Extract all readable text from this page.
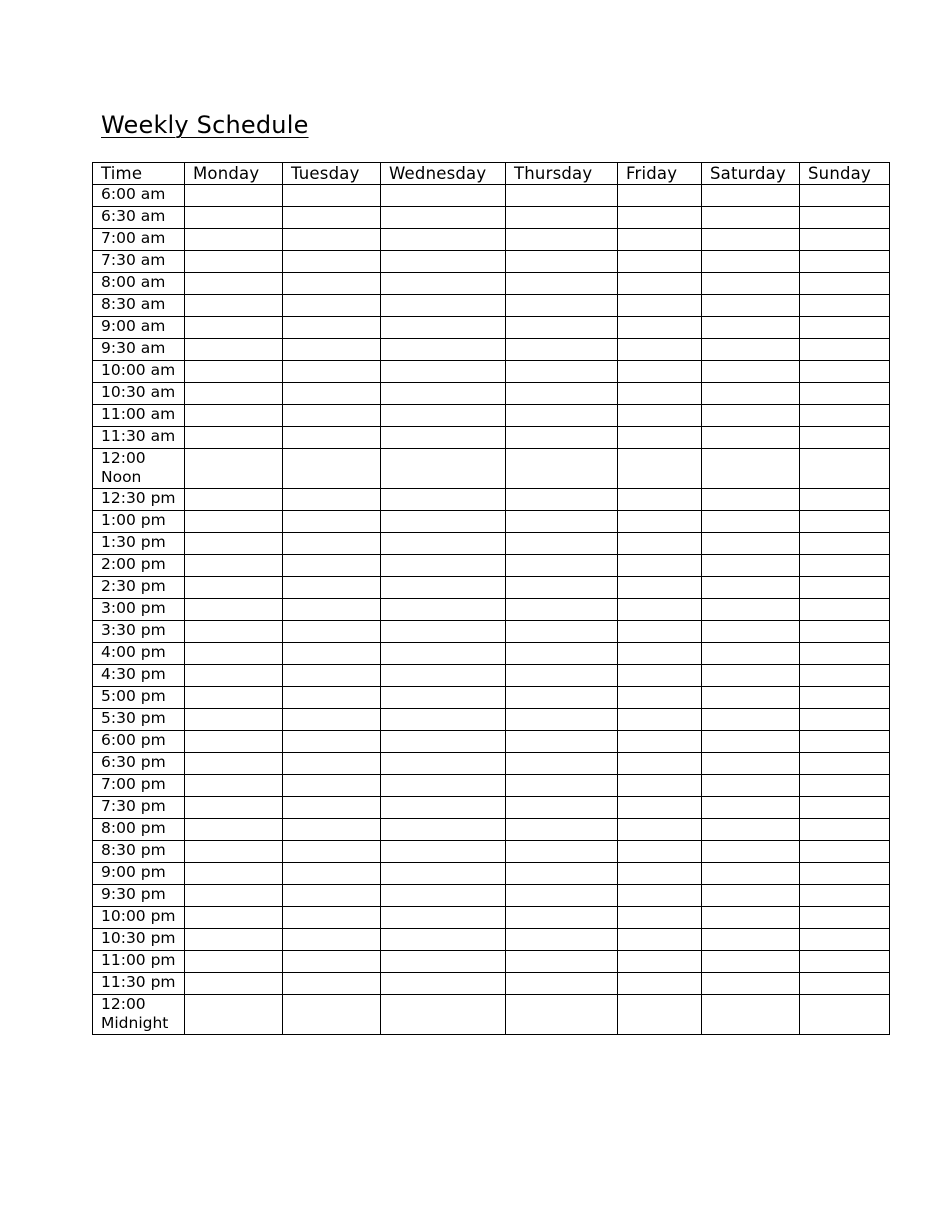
Weekly Schedule
Time	Monday	Tuesday	Wednesday	Thursday	Friday	Saturday	Sunday
6:00 am							
6:30 am							
7:00 am							
7:30 am							
8:00 am							
8:30 am							
9:00 am							
9:30 am							
10:00 am							
10:30 am							
11:00 am							
11:30 am							
12:00 Noon							
12:30 pm							
1:00 pm							
1:30 pm							
2:00 pm							
2:30 pm							
3:00 pm							
3:30 pm							
4:00 pm							
4:30 pm							
5:00 pm							
5:30 pm							
6:00 pm							
6:30 pm							
7:00 pm							
7:30 pm							
8:00 pm							
8:30 pm							
9:00 pm							
9:30 pm							
10:00 pm							
10:30 pm							
11:00 pm							
11:30 pm							
12:00 Midnight							
